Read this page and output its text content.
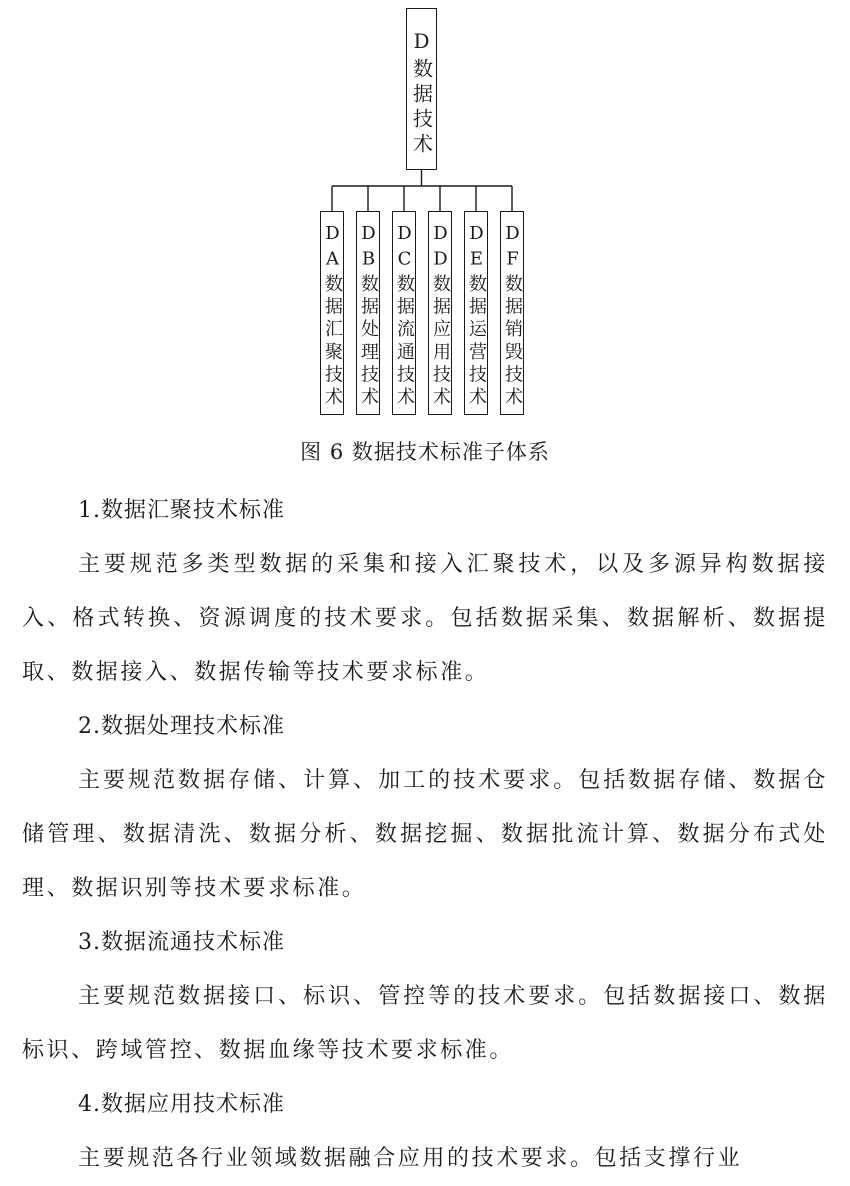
D数据技术
DA数据汇聚技术
DB数据处理技术
DC数据流通技术
DD数据应用技术
DE数据运营技术
DF数据销毁技术
图 6 数据技术标准子体系
1.数据汇聚技术标准

主要规范多类型数据的采集和接入汇聚技术，以及多源异构数据接入、格式转换、资源调度的技术要求。包括数据采集、数据解析、数据提取、数据接入、数据传输等技术要求标准。

2.数据处理技术标准

主要规范数据存储、计算、加工的技术要求。包括数据存储、数据仓储管理、数据清洗、数据分析、数据挖掘、数据批流计算、数据分布式处理、数据识别等技术要求标准。

3.数据流通技术标准

主要规范数据接口、标识、管控等的技术要求。包括数据接口、数据标识、跨域管控、数据血缘等技术要求标准。

4.数据应用技术标准

主要规范各行业领域数据融合应用的技术要求。包括支撑行业
